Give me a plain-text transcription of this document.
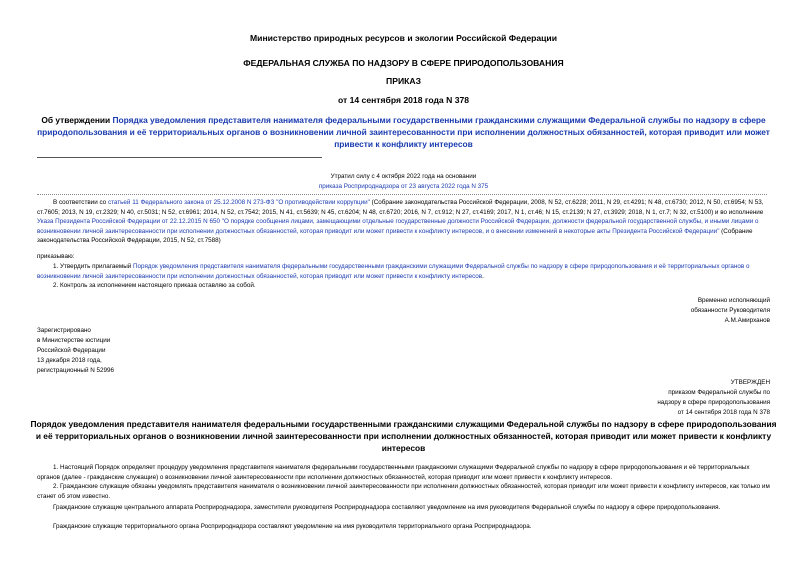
Министерство природных ресурсов и экологии Российской Федерации
ФЕДЕРАЛЬНАЯ СЛУЖБА ПО НАДЗОРУ В СФЕРЕ ПРИРОДОПОЛЬЗОВАНИЯ
ПРИКАЗ
от 14 сентября 2018 года N 378
Об утверждении Порядка уведомления представителя нанимателя федеральными государственными гражданскими служащими Федеральной службы по надзору в сфере природопользования и её территориальных органов о возникновении личной заинтересованности при исполнении должностных обязанностей, которая приводит или может привести к конфликту интересов
Утратил силу с 4 октября 2022 года на основании
приказа Росприроднадзора от 23 августа 2022 года N 375
В соответствии со статьей 11 Федерального закона от 25.12.2008 N 273-ФЗ "О противодействии коррупции" (Собрание законодательства Российской Федерации, 2008, N 52, ст.6228; 2011, N 29, ст.4291; N 48, ст.6730; 2012, N 50, ст.6954; N 53, ст.7605; 2013, N 19, ст.2329; N 40, ст.5031; N 52, ст.6961; 2014, N 52, ст.7542; 2015, N 41, ст.5639; N 45, ст.6204; N 48, ст.6720; 2016, N 7, ст.912; N 27, ст.4169; 2017, N 1, ст.46; N 15, ст.2139; N 27, ст.3929; 2018, N 1, ст.7; N 32, ст.5100) и во исполнение Указа Президента Российской Федерации от 22.12.2015 N 650 "О порядке сообщения лицами, замещающими отдельные государственные должности Российской Федерации, должности федеральной государственной службы, и иными лицами о возникновении личной заинтересованности при исполнении должностных обязанностей, которая приводит или может привести к конфликту интересов, и о внесении изменений в некоторые акты Президента Российской Федерации" (Собрание законодательства Российской Федерации, 2015, N 52, ст.7588)
приказываю:
1. Утвердить прилагаемый Порядок уведомления представителя нанимателя федеральными государственными гражданскими служащими Федеральной службы по надзору в сфере природопользования и её территориальных органов о возникновении личной заинтересованности при исполнении должностных обязанностей, которая приводит или может привести к конфликту интересов.
2. Контроль за исполнением настоящего приказа оставляю за собой.
Временно исполняющий
обязанности Руководителя
А.М.Амирханов
Зарегистрировано
в Министерстве юстиции
Российской Федерации
13 декабря 2018 года,
регистрационный N 52996
УТВЕРЖДЕН
приказом Федеральной службы по
надзору в сфере природопользования
от 14 сентября 2018 года N 378
Порядок уведомления представителя нанимателя федеральными государственными гражданскими служащими Федеральной службы по надзору в сфере природопользования и её территориальных органов о возникновении личной заинтересованности при исполнении должностных обязанностей, которая приводит или может привести к конфликту интересов
1. Настоящий Порядок определяет процедуру уведомления представителя нанимателя федеральными государственными гражданскими служащими Федеральной службы по надзору в сфере природопользования и её территориальных органов (далее - гражданские служащие) о возникновении личной заинтересованности при исполнении должностных обязанностей, которая приводит или может привести к конфликту интересов.
2. Гражданские служащие обязаны уведомлять представителя нанимателя о возникновении личной заинтересованности при исполнении должностных обязанностей, которая приводит или может привести к конфликту интересов, как только им станет об этом известно.
Гражданские служащие центрального аппарата Росприроднадзора, заместители руководителя Росприроднадзора составляют уведомление на имя руководителя Федеральной службы по надзору в сфере природопользования.
Гражданские служащие территориального органа Росприроднадзора составляют уведомление на имя руководителя территориального органа Росприроднадзора.
